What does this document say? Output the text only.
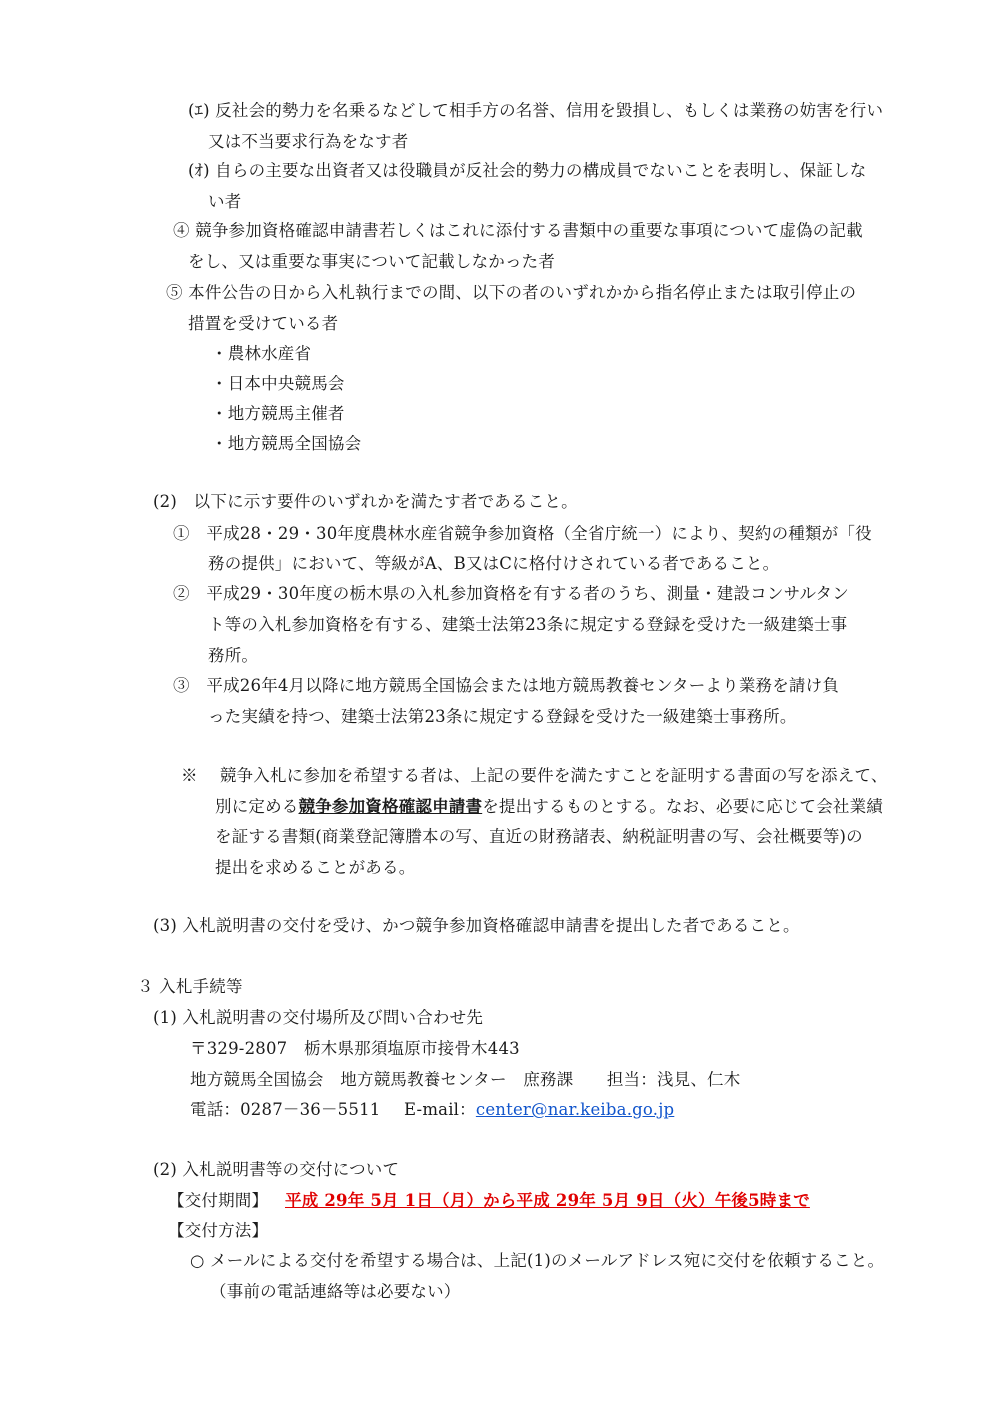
(ｴ) 反社会的勢力を名乗るなどして相手方の名誉、信用を毀損し、もしくは業務の妨害を行い
又は不当要求行為をなす者
(ｵ) 自らの主要な出資者又は役職員が反社会的勢力の構成員でないことを表明し、保証しな
い者
④ 競争参加資格確認申請書若しくはこれに添付する書類中の重要な事項について虚偽の記載
をし、又は重要な事実について記載しなかった者
⑤ 本件公告の日から入札執行までの間、以下の者のいずれかから指名停止または取引停止の
措置を受けている者
・農林水産省
・日本中央競馬会
・地方競馬主催者
・地方競馬全国協会
(2)　以下に示す要件のいずれかを満たす者であること。
①　平成28・29・30年度農林水産省競争参加資格（全省庁統一）により、契約の種類が「役
務の提供」において、等級がA、B又はCに格付けされている者であること。
②　平成29・30年度の栃木県の入札参加資格を有する者のうち、測量・建設コンサルタン
ト等の入札参加資格を有する、建築士法第23条に規定する登録を受けた一級建築士事
務所。
③　平成26年4月以降に地方競馬全国協会または地方競馬教養センターより業務を請け負
った実績を持つ、建築士法第23条に規定する登録を受けた一級建築士事務所。
※　 競争入札に参加を希望する者は、上記の要件を満たすことを証明する書面の写を添えて、
別に定める競争参加資格確認申請書を提出するものとする。なお、必要に応じて会社業績
を証する書類(商業登記簿謄本の写、直近の財務諸表、納税証明書の写、会社概要等)の
提出を求めることがある。
(3) 入札説明書の交付を受け、かつ競争参加資格確認申請書を提出した者であること。
３ 入札手続等
(1) 入札説明書の交付場所及び問い合わせ先
〒329-2807　栃木県那須塩原市接骨木443
地方競馬全国協会　地方競馬教養センター　庶務課　　担当：浅見、仁木
電話：0287－36－5511 E-mail：center@nar.keiba.go.jp
(2) 入札説明書等の交付について
【交付期間】 平成 29年 5月 1日（月）から平成 29年 5月 9日（火）午後5時まで
【交付方法】
○ メールによる交付を希望する場合は、上記(1)のメールアドレス宛に交付を依頼すること。
（事前の電話連絡等は必要ない）
